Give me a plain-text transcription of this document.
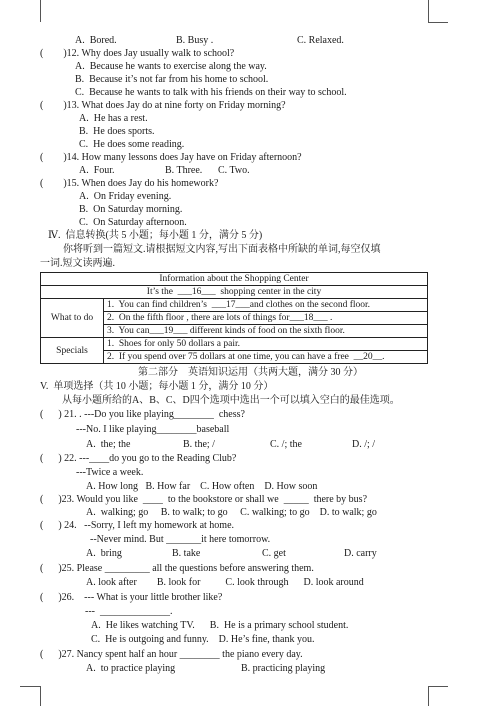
A.  Bored.	B. Busy .	C. Relaxed.
(        )12. Why does Jay usually walk to school?
A.  Because he wants to exercise along the way.
B.  Because it’s not far from his home to school.
C.  Because he wants to talk with his friends on their way to school.
(        )13. What does Jay do at nine forty on Friday morning?
A.  He has a rest.
B.  He does sports.
C.  He does some reading.
(        )14. How many lessons does Jay have on Friday afternoon?
A.  Four.	B. Three. C. Two.
(        )15. When does Jay do his homework?
A.  On Friday evening.
B.  On Saturday morning.
C.  On Saturday afternoon.
Ⅳ.  信息转换(共 5 小题；每小题 1 分，满分 5 分)
你将听到一篇短文.请根据短文内容,写出下面表格中所缺的单词,每空仅填
一词.短文读两遍.
Information about the Shopping Center	
It’s the  ___16___  shopping center in the city	
What to do	1.  You can find children’s  ___17___and clothes on the second floor.
	2.  On the fifth floor , there are lots of things for___18___ .
	3.  You can___19___ different kinds of food on the sixth floor.
Specials	1.  Shoes for only 50 dollars a pair.
	2.  If you spend over 75 dollars at one time, you can have a free  __20__.
第二部分    英语知识运用（共两大题，满分 30 分）
V.  单项选择（共 10 小题；每小题 1 分，满分 10 分）
从每小题所给的A、B、C、D四个选项中选出一个可以填入空白的最佳选项。
(      ) 21. . ---Do you like playing________  chess?
---No. I like playing________baseball
A.  the; the	B. the; /	C. /; the	D. /; /
(      ) 22. ---____do you go to the Reading Club?
---Twice a week.
A. How long   B. How far    C. How often    D. How soon
(      )23. Would you like  ____  to the bookstore or shall we  _____  there by bus?
A.  walking; go     B. to walk; to go     C. walking; to go    D. to walk; go
(      ) 24.   --Sorry, I left my homework at home.
--Never mind. But _______it here tomorrow.
A.  bring	B. take	C. get	D. carry
(      )25. Please _________ all the questions before answering them.
A. look after        B. look for          C. look through      D. look around
(      )26.    --- What is your little brother like?
---  ______________.
A.  He likes watching TV.      B.  He is a primary school student.
C.  He is outgoing and funny.    D. He’s fine, thank you.
(      )27. Nancy spent half an hour ________ the piano every day.
A.  to practice playing	B. practicing playing
